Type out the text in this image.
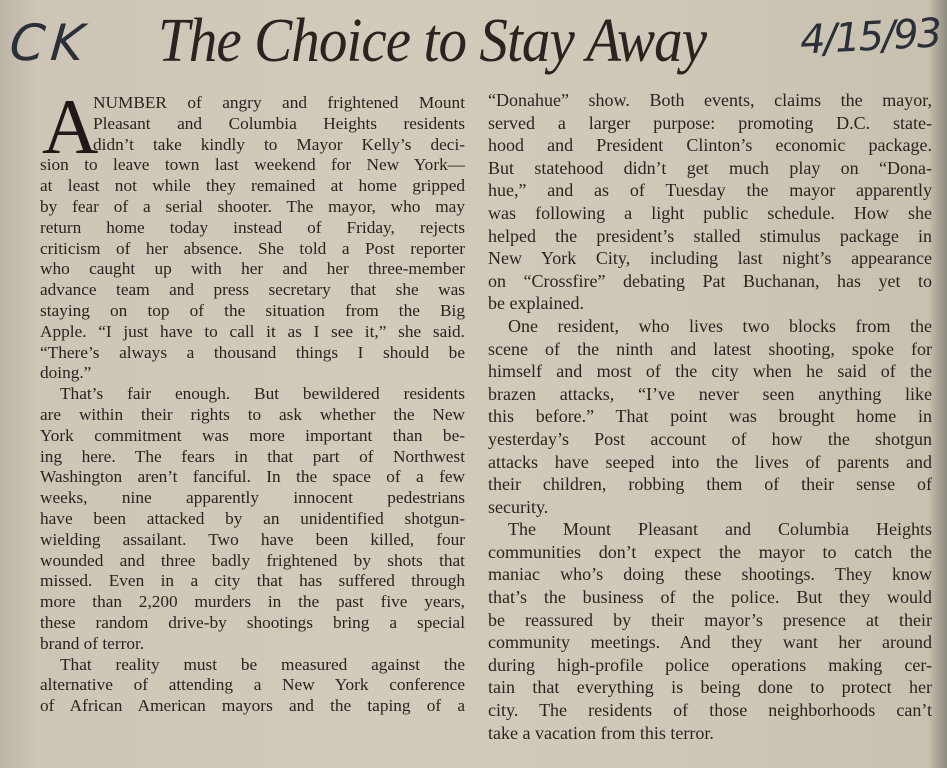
CK The Choice to Stay Away 4/15/93
A
NUMBER of angry and frightened Mount
Pleasant and Columbia Heights residents
didn’t take kindly to Mayor Kelly’s deci-
sion to leave town last weekend for New York—
at least not while they remained at home gripped
by fear of a serial shooter. The mayor, who may
return home today instead of Friday, rejects
criticism of her absence. She told a Post reporter
who caught up with her and her three-member
advance team and press secretary that she was
staying on top of the situation from the Big
Apple. “I just have to call it as I see it,” she said.
“There’s always a thousand things I should be
doing.”
That’s fair enough. But bewildered residents
are within their rights to ask whether the New
York commitment was more important than be-
ing here. The fears in that part of Northwest
Washington aren’t fanciful. In the space of a few
weeks, nine apparently innocent pedestrians
have been attacked by an unidentified shotgun-
wielding assailant. Two have been killed, four
wounded and three badly frightened by shots that
missed. Even in a city that has suffered through
more than 2,200 murders in the past five years,
these random drive-by shootings bring a special
brand of terror.
That reality must be measured against the
alternative of attending a New York conference
of African American mayors and the taping of a
“Donahue” show. Both events, claims the mayor,
served a larger purpose: promoting D.C. state-
hood and President Clinton’s economic package.
But statehood didn’t get much play on “Dona-
hue,” and as of Tuesday the mayor apparently
was following a light public schedule. How she
helped the president’s stalled stimulus package in
New York City, including last night’s appearance
on “Crossfire” debating Pat Buchanan, has yet to
be explained.
One resident, who lives two blocks from the
scene of the ninth and latest shooting, spoke for
himself and most of the city when he said of the
brazen attacks, “I’ve never seen anything like
this before.” That point was brought home in
yesterday’s Post account of how the shotgun
attacks have seeped into the lives of parents and
their children, robbing them of their sense of
security.
The Mount Pleasant and Columbia Heights
communities don’t expect the mayor to catch the
maniac who’s doing these shootings. They know
that’s the business of the police. But they would
be reassured by their mayor’s presence at their
community meetings. And they want her around
during high-profile police operations making cer-
tain that everything is being done to protect her
city. The residents of those neighborhoods can’t
take a vacation from this terror.
